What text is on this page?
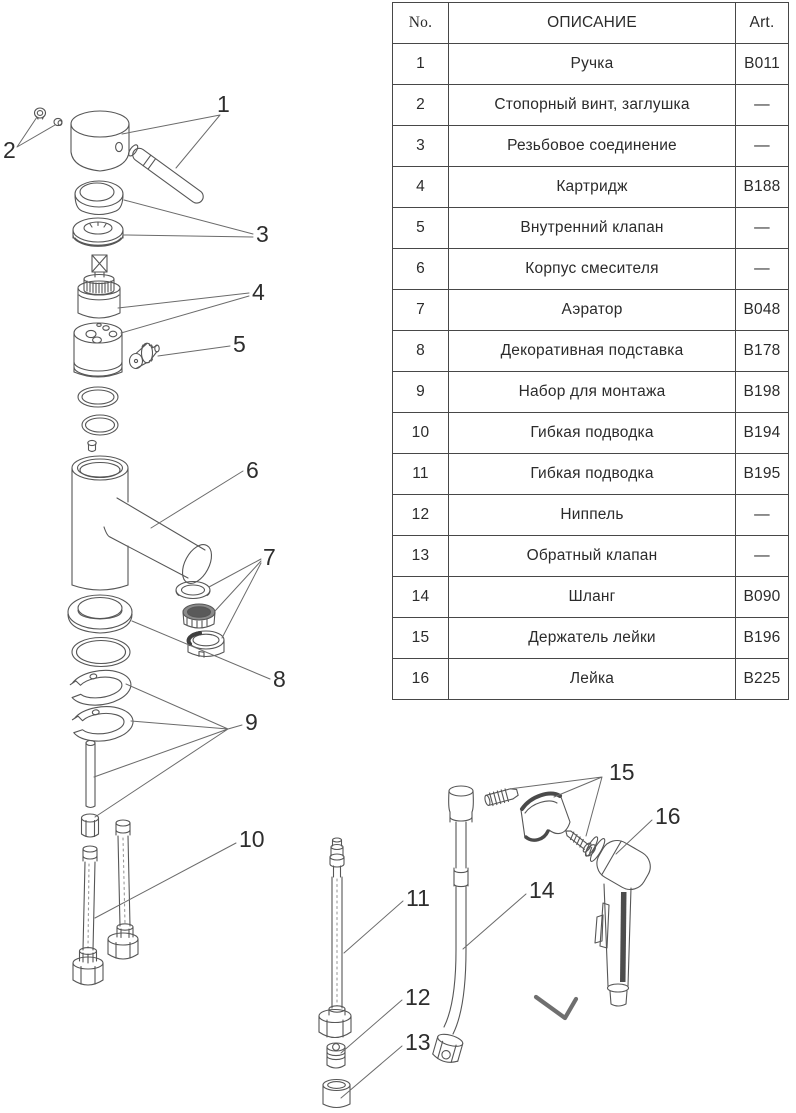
1
2
3
4
5
6
7
8
9
10
11
12
13
14
15
16
No.	ОПИСАНИЕ	Art.
1	Ручка	B011
2	Стопорный винт, заглушка	—
3	Резьбовое соединение	—
4	Картридж	B188
5	Внутренний клапан	—
6	Корпус смесителя	—
7	Аэратор	B048
8	Декоративная подставка	B178
9	Набор для монтажа	B198
10	Гибкая подводка	B194
11	Гибкая подводка	B195
12	Ниппель	—
13	Обратный клапан	—
14	Шланг	B090
15	Держатель лейки	B196
16	Лейка	B225
